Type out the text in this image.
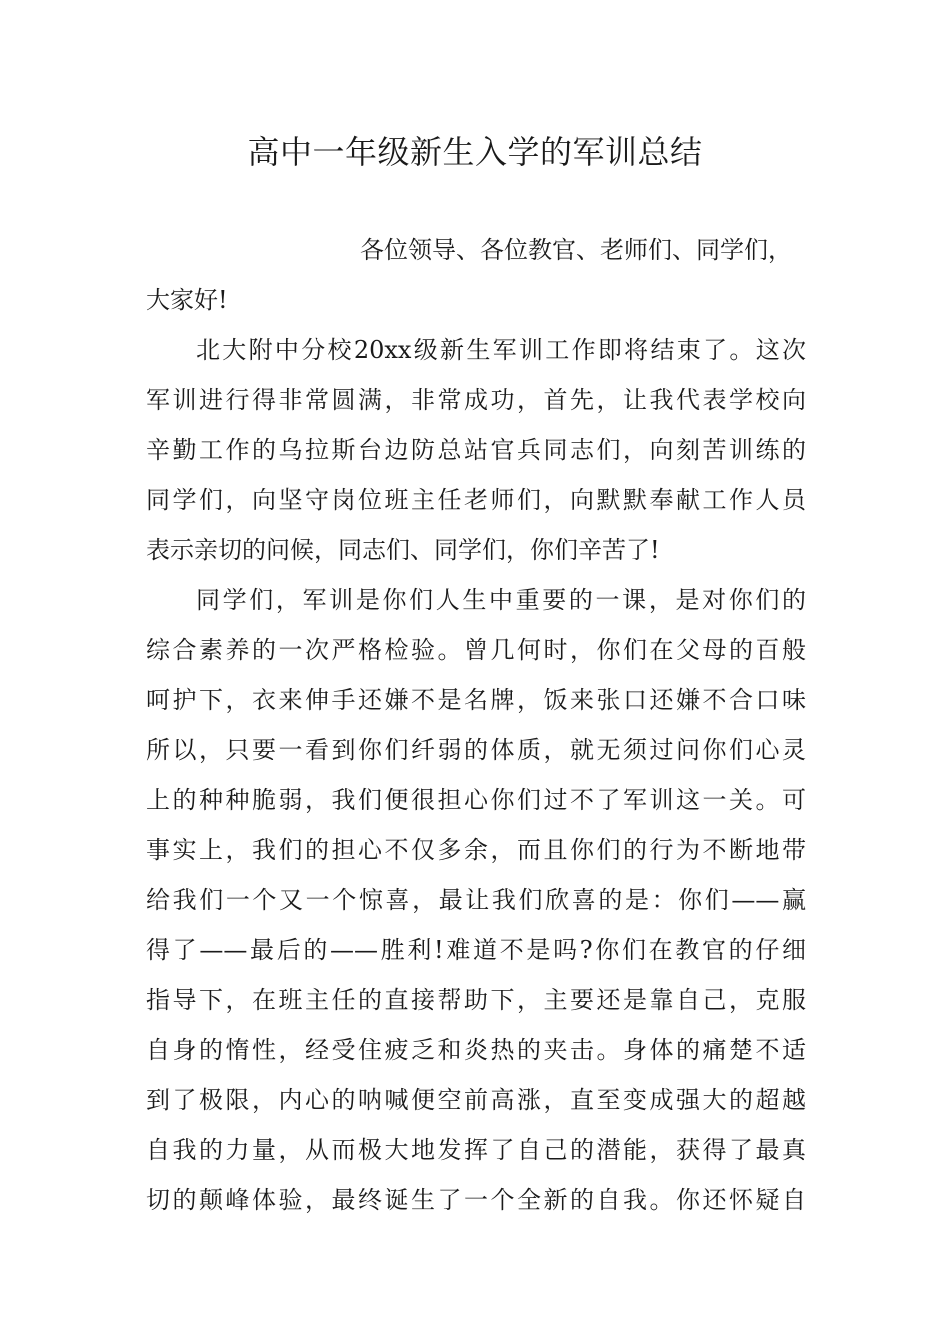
高中一年级新生入学的军训总结
各位领导、各位教官、老师们、同学们，
大家好!
北大附中分校20xx级新生军训工作即将结束了。这次
军训进行得非常圆满，非常成功，首先，让我代表学校向
辛勤工作的乌拉斯台边防总站官兵同志们，向刻苦训练的
同学们，向坚守岗位班主任老师们，向默默奉献工作人员
表示亲切的问候，同志们、同学们，你们辛苦了!
同学们，军训是你们人生中重要的一课，是对你们的
综合素养的一次严格检验。曾几何时，你们在父母的百般
呵护下，衣来伸手还嫌不是名牌，饭来张口还嫌不合口味
所以，只要一看到你们纤弱的体质，就无须过问你们心灵
上的种种脆弱，我们便很担心你们过不了军训这一关。可
事实上，我们的担心不仅多余，而且你们的行为不断地带
给我们一个又一个惊喜，最让我们欣喜的是：你们——赢
得了——最后的——胜利!难道不是吗?你们在教官的仔细
指导下，在班主任的直接帮助下，主要还是靠自己，克服
自身的惰性，经受住疲乏和炎热的夹击。身体的痛楚不适
到了极限，内心的呐喊便空前高涨，直至变成强大的超越
自我的力量，从而极大地发挥了自己的潜能，获得了最真
切的颠峰体验，最终诞生了一个全新的自我。你还怀疑自
